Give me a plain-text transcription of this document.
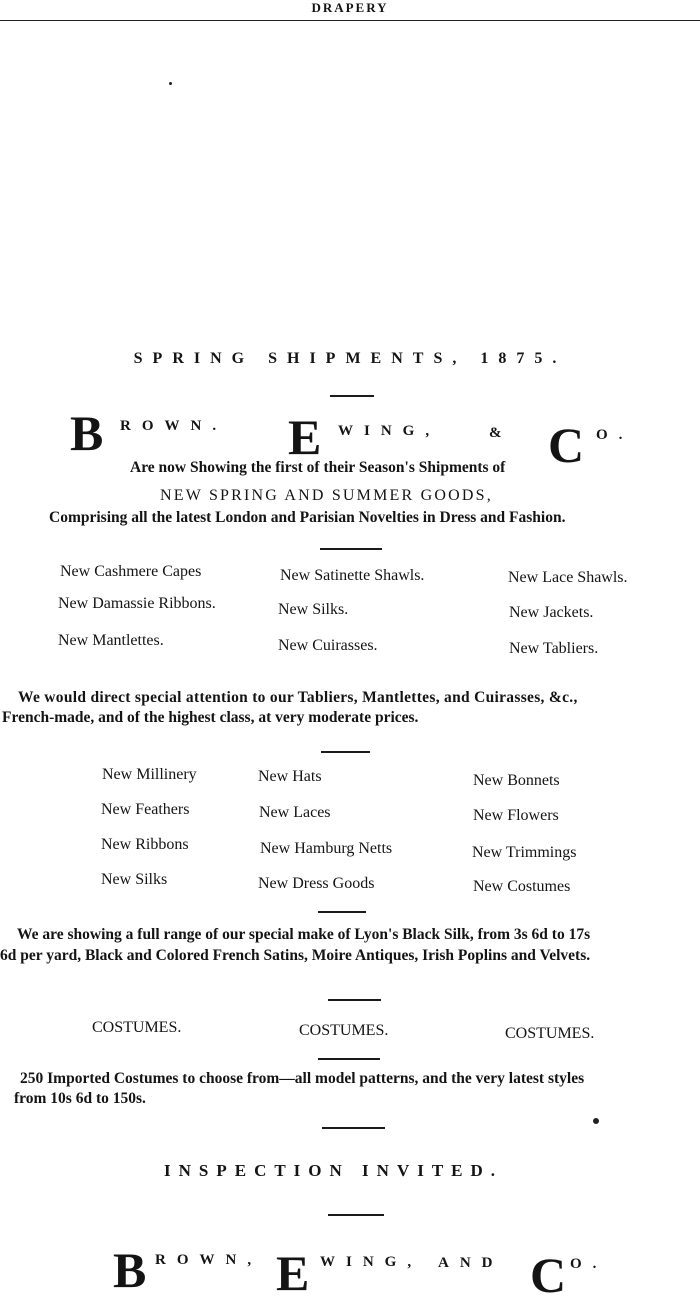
DRAPERY
SPRING SHIPMENTS, 1875.
B ROWN. E WING,	& C O.
Are now Showing the first of their Season's Shipments of
NEW SPRING AND SUMMER GOODS,
Comprising all the latest London and Parisian Novelties in Dress and Fashion.
New Cashmere Capes	New Satinette Shawls.	New Lace Shawls.
New Damassie Ribbons.	New Silks.	New Jackets.
New Mantlettes.	New Cuirasses.	New Tabliers.
We would direct special attention to our Tabliers, Mantlettes, and Cuirasses, &c.,
French-made, and of the highest class, at very moderate prices.
New Millinery	New Hats	New Bonnets
New Feathers	New Laces	New Flowers
New Ribbons	New Hamburg Netts	New Trimmings
New Silks	New Dress Goods	New Costumes
We are showing a full range of our special make of Lyon's Black Silk, from 3s 6d to 17s
6d per yard, Black and Colored French Satins, Moire Antiques, Irish Poplins and Velvets.
COSTUMES.	COSTUMES.	COSTUMES.
250 Imported Costumes to choose from—all model patterns, and the very latest styles
from 10s 6d to 150s.
INSPECTION INVITED.
B ROWN, E WING, AND C O.
